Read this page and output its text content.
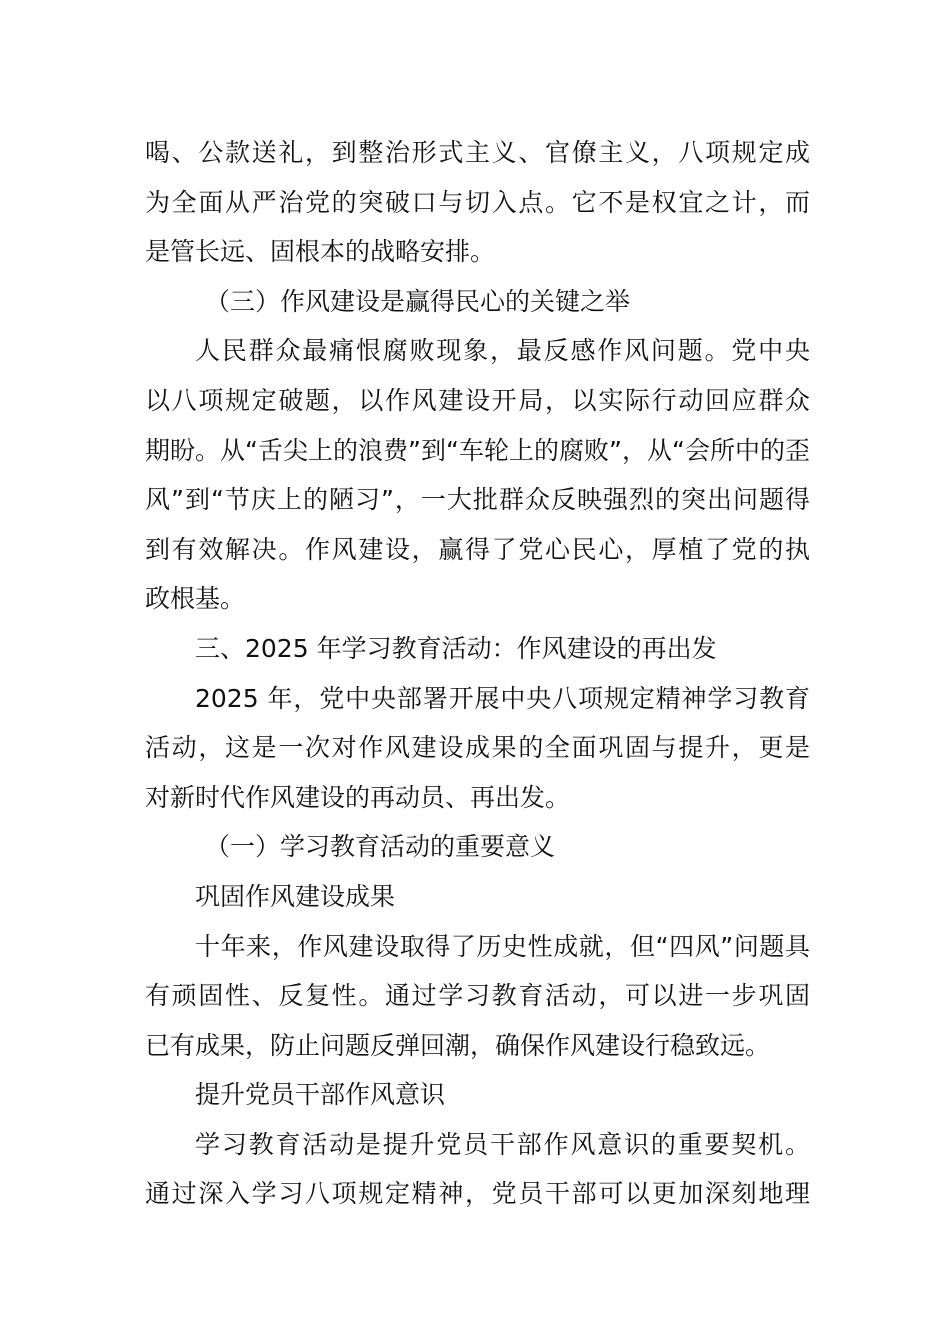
喝、公款送礼，到整治形式主义、官僚主义，八项规定成
为全面从严治党的突破口与切入点。它不是权宜之计，而
是管长远、固根本的战略安排。
（三）作风建设是赢得民心的关键之举
人民群众最痛恨腐败现象，最反感作风问题。党中央
以八项规定破题，以作风建设开局，以实际行动回应群众
期盼。从“舌尖上的浪费”到“车轮上的腐败”，从“会所中的歪
风”到“节庆上的陋习”，一大批群众反映强烈的突出问题得
到有效解决。作风建设，赢得了党心民心，厚植了党的执
政根基。
三、2025 年学习教育活动：作风建设的再出发
2025 年，党中央部署开展中央八项规定精神学习教育
活动，这是一次对作风建设成果的全面巩固与提升，更是
对新时代作风建设的再动员、再出发。
（一）学习教育活动的重要意义
巩固作风建设成果
十年来，作风建设取得了历史性成就，但“四风”问题具
有顽固性、反复性。通过学习教育活动，可以进一步巩固
已有成果，防止问题反弹回潮，确保作风建设行稳致远。
提升党员干部作风意识
学习教育活动是提升党员干部作风意识的重要契机。
通过深入学习八项规定精神，党员干部可以更加深刻地理
